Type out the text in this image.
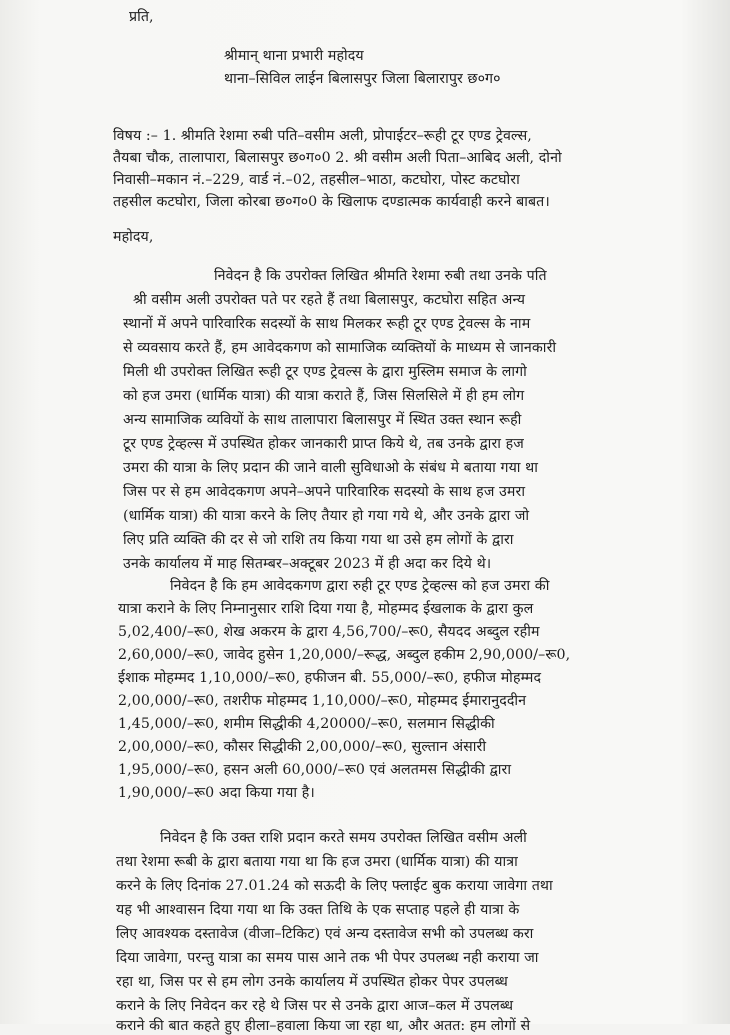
प्रति,
श्रीमान् थाना प्रभारी महोदय
थाना–सिविल लाईन बिलासपुर जिला बिलारापुर छ०ग०
विषय :– 1. श्रीमति रेशमा रुबी पति–वसीम अली, प्रोपाईटर–रूही टूर एण्ड ट्रेवल्स,
तैयबा चौक, तालापारा, बिलासपुर छ०ग०0 2. श्री वसीम अली पिता–आबिद अली, दोनो
निवासी–मकान नं.–229, वार्ड नं.–02, तहसील–भाठा, कटघोरा, पोस्ट कटघोरा
तहसील कटघोरा, जिला कोरबा छ०ग०0 के खिलाफ दण्डात्मक कार्यवाही करने बाबत।
महोदय,
निवेदन है कि उपरोक्त लिखित श्रीमति रेशमा रुबी तथा उनके पति
श्री वसीम अली उपरोक्त पते पर रहते हैं तथा बिलासपुर, कटघोरा सहित अन्य
स्थानों में अपने पारिवारिक सदस्यों के साथ मिलकर रूही टूर एण्ड ट्रेवल्स के नाम
से व्यवसाय करते हैं, हम आवेदकगण को सामाजिक व्यक्तियों के माध्यम से जानकारी
मिली थी उपरोक्त लिखित रूही टूर एण्ड ट्रेवल्स के द्वारा मुस्लिम समाज के लागो
को हज उमरा (धार्मिक यात्रा) की यात्रा कराते हैं, जिस सिलसिले में ही हम लोग
अन्य सामाजिक व्यवियों के साथ तालापारा बिलासपुर में स्थित उक्त स्थान रूही
टूर एण्ड ट्रेव्हल्स में उपस्थित होकर जानकारी प्राप्त किये थे, तब उनके द्वारा हज
उमरा की यात्रा के लिए प्रदान की जाने वाली सुविधाओ के संबंध मे बताया गया था
जिस पर से हम आवेदकगण अपने–अपने पारिवारिक सदस्यो के साथ हज उमरा
(धार्मिक यात्रा) की यात्रा करने के लिए तैयार हो गया गये थे, और उनके द्वारा जो
लिए प्रति व्यक्ति की दर से जो राशि तय किया गया था उसे हम लोगों के द्वारा
उनके कार्यालय में माह सितम्बर–अक्टूबर 2023 में ही अदा कर दिये थे।
निवेदन है कि हम आवेदकगण द्वारा रुही टूर एण्ड ट्रेव्हल्स को हज उमरा की
यात्रा कराने के लिए निम्नानुसार राशि दिया गया है, मोहम्मद ईखलाक के द्वारा कुल
5,02,400/–रू0, शेख अकरम के द्वारा 4,56,700/–रू0, सैयदद अब्दुल रहीम
2,60,000/–रू0, जावेद हुसेन 1,20,000/–रूद्ध, अब्दुल हकीम 2,90,000/–रू0,
ईशाक मोहम्मद 1,10,000/–रू0, हफीजन बी. 55,000/–रू0, हफीज मोहम्मद
2,00,000/–रू0, तशरीफ मोहम्मद 1,10,000/–रू0, मोहम्मद ईमारानुददीन
1,45,000/–रू0, शमीम सिद्धीकी 4,20000/–रू0, सलमान सिद्धीकी
2,00,000/–रू0, कौसर सिद्धीकी 2,00,000/–रू0, सुल्तान अंसारी
1,95,000/–रू0, हसन अली 60,000/–रू0 एवं अलतमस सिद्धीकी द्वारा
1,90,000/–रू0 अदा किया गया है।
निवेदन है कि उक्त राशि प्रदान करते समय उपरोक्त लिखित वसीम अली
तथा रेशमा रूबी के द्वारा बताया गया था कि हज उमरा (धार्मिक यात्रा) की यात्रा
करने के लिए दिनांक 27.01.24 को सऊदी के लिए फ्लाईट बुक कराया जावेगा तथा
यह भी आश्वासन दिया गया था कि उक्त तिथि के एक सप्ताह पहले ही यात्रा के
लिए आवश्यक दस्तावेज (वीजा–टिकिट) एवं अन्य दस्तावेज सभी को उपलब्ध करा
दिया जावेगा, परन्तु यात्रा का समय पास आने तक भी पेपर उपलब्ध नही कराया जा
रहा था, जिस पर से हम लोग उनके कार्यालय में उपस्थित होकर पेपर उपलब्ध
कराने के लिए निवेदन कर रहे थे जिस पर से उनके द्वारा आज–कल में उपलब्ध
कराने की बात कहते हुए हीला–हवाला किया जा रहा था, और अतत: हम लोगों से
